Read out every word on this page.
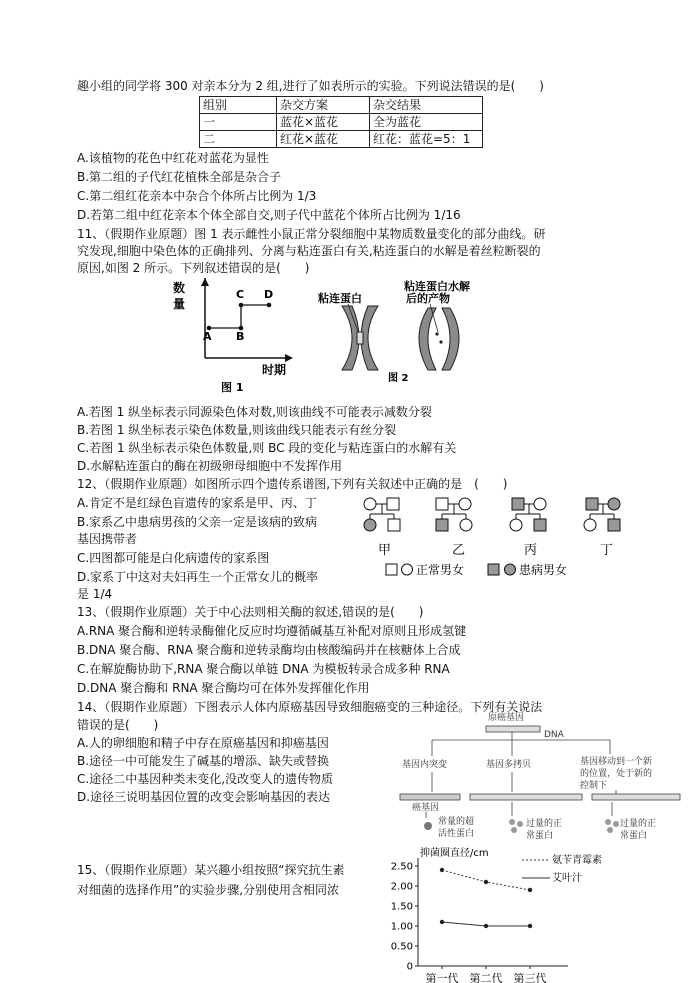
趣小组的同学将 300 对亲本分为 2 组,进行了如表所示的实验。下列说法错误的是(　　)
组别	杂交方案	杂交结果
一	蓝花×蓝花	全为蓝花
二	红花×蓝花	红花：蓝花=5：1
A.该植物的花色中红花对蓝花为显性
B.第二组的子代红花植株全部是杂合子
C.第二组红花亲本中杂合个体所占比例为 1/3
D.若第二组中红花亲本个体全部自交,则子代中蓝花个体所占比例为 1/16
11、（假期作业原题）图 1 表示雌性小鼠正常分裂细胞中某物质数量变化的部分曲线。研
究发现,细胞中染色体的正确排列、分离与粘连蛋白有关,粘连蛋白的水解是着丝粒断裂的
原因,如图 2 所示。下列叙述错误的是(　　)
数
量
A B
C D
时期
图 1
粘连蛋白
粘连蛋白水解
后的产物
图 2
A.若图 1 纵坐标表示同源染色体对数,则该曲线不可能表示减数分裂
B.若图 1 纵坐标表示染色体数量,则该曲线只能表示有丝分裂
C.若图 1 纵坐标表示染色体数量,则 BC 段的变化与粘连蛋白的水解有关
D.水解粘连蛋白的酶在初级卵母细胞中不发挥作用
12、（假期作业原题）如图所示四个遗传系谱图,下列有关叙述中正确的是　(　　)
A.肯定不是红绿色盲遗传的家系是甲、丙、丁
B.家系乙中患病男孩的父亲一定是该病的致病
基因携带者
C.四图都可能是白化病遗传的家系图
D.家系丁中这对夫妇再生一个正常女儿的概率
是 1/4
甲	乙	丙	丁
正常男女	患病男女
13、（假期作业原题）关于中心法则相关酶的叙述,错误的是(　　)
A.RNA 聚合酶和逆转录酶催化反应时均遵循碱基互补配对原则且形成氢键
B.DNA 聚合酶、RNA 聚合酶和逆转录酶均由核酸编码并在核糖体上合成
C.在解旋酶协助下,RNA 聚合酶以单链 DNA 为模板转录合成多种 RNA
D.DNA 聚合酶和 RNA 聚合酶均可在体外发挥催化作用
14、（假期作业原题）下图表示人体内原癌基因导致细胞癌变的三种途径。下列有关说法
错误的是(　　)
A.人的卵细胞和精子中存在原癌基因和抑癌基因
B.途径一中可能发生了碱基的增添、缺失或替换
C.途径二中基因种类未变化,没改变人的遗传物质
D.途径三说明基因位置的改变会影响基因的表达
原癌基因
DNA
基因内突变	基因多拷贝	基因移动到一个新
的位置，处于新的
控制下
癌基因
常量的超
活性蛋白
过量的正
常蛋白
过量的正
常蛋白
15、（假期作业原题）某兴趣小组按照“探究抗生素
对细菌的选择作用”的实验步骤,分别使用含相同浓
抑菌圈直径/cm
0
0.50
1.00
1.50
2.00
2.50
第一代 第二代 第三代
氨苄青霉素
艾叶汁
